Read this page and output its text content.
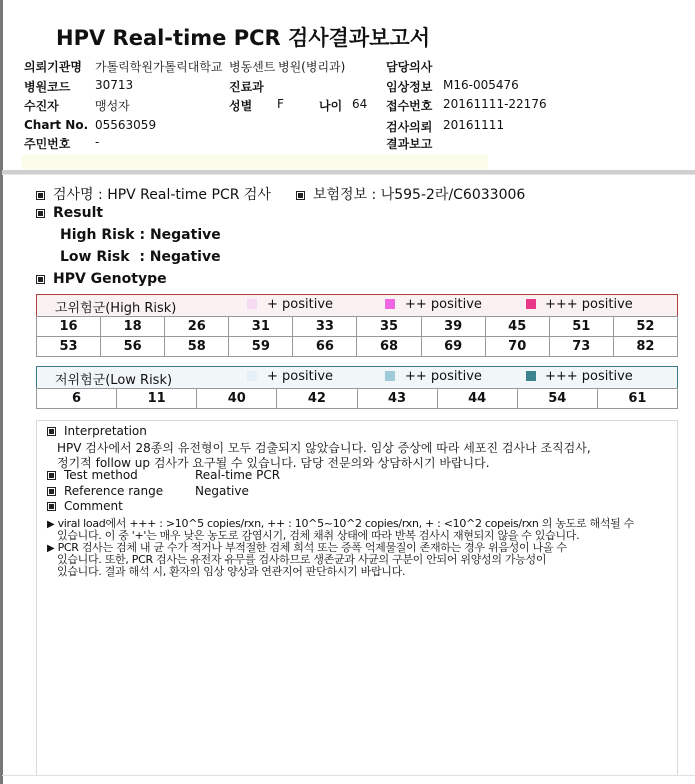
HPV Real-time PCR 검사결과보고서
의뢰기관명 가톨릭학원가톨릭대학교 병동센트 병원(병리과)	담당의사
병원코드 30713	진료과	임상정보 M16-005476
수진자	맹성자	성별 F	나이 64 접수번호 20161111-22176
Chart No. 05563059	검사의뢰 20161111
주민번호 -	결과보고
검사명 : HPV Real-time PCR 검사	보험정보 : 나595-2라/C6033006
Result
High Risk : Negative
Low Risk  : Negative
HPV Genotype
고위험군(High Risk)	+ positive	++ positive	+++ positive
16	18	26	31	33	35	39	45	51	52
53	56	58	59	66	68	69	70	73	82
저위험군(Low Risk)	+ positive	++ positive	+++ positive
6	11	40	42	43	44	54	61
Interpretation
HPV 검사에서 28종의 유전형이 모두 검출되지 않았습니다. 임상 증상에 따라 세포진 검사나 조직검사,
정기적 follow up 검사가 요구될 수 있습니다. 담당 전문의와 상담하시기 바랍니다.
Test method	Real-time PCR
Reference range	Negative
Comment
▶ viral load에서 +++ : >10^5 copies/rxn, ++ : 10^5~10^2 copies/rxn, + : <10^2 copeis/rxn 의 농도로 해석될 수
있습니다. 이 중 '+'는 매우 낮은 농도로 감염시기, 검체 채취 상태에 따라 반복 검사시 재현되지 않을 수 있습니다.
▶ PCR 검사는 검체 내 균 수가 적거나 부적절한 검체 희석 또는 증폭 억제물질이 존재하는 경우 위음성이 나올 수
있습니다. 또한, PCR 검사는 유전자 유무를 검사하므로 생존균과 사균의 구분이 안되어 위양성의 가능성이
있습니다. 결과 해석 시, 환자의 임상 양상과 연관지어 판단하시기 바랍니다.
